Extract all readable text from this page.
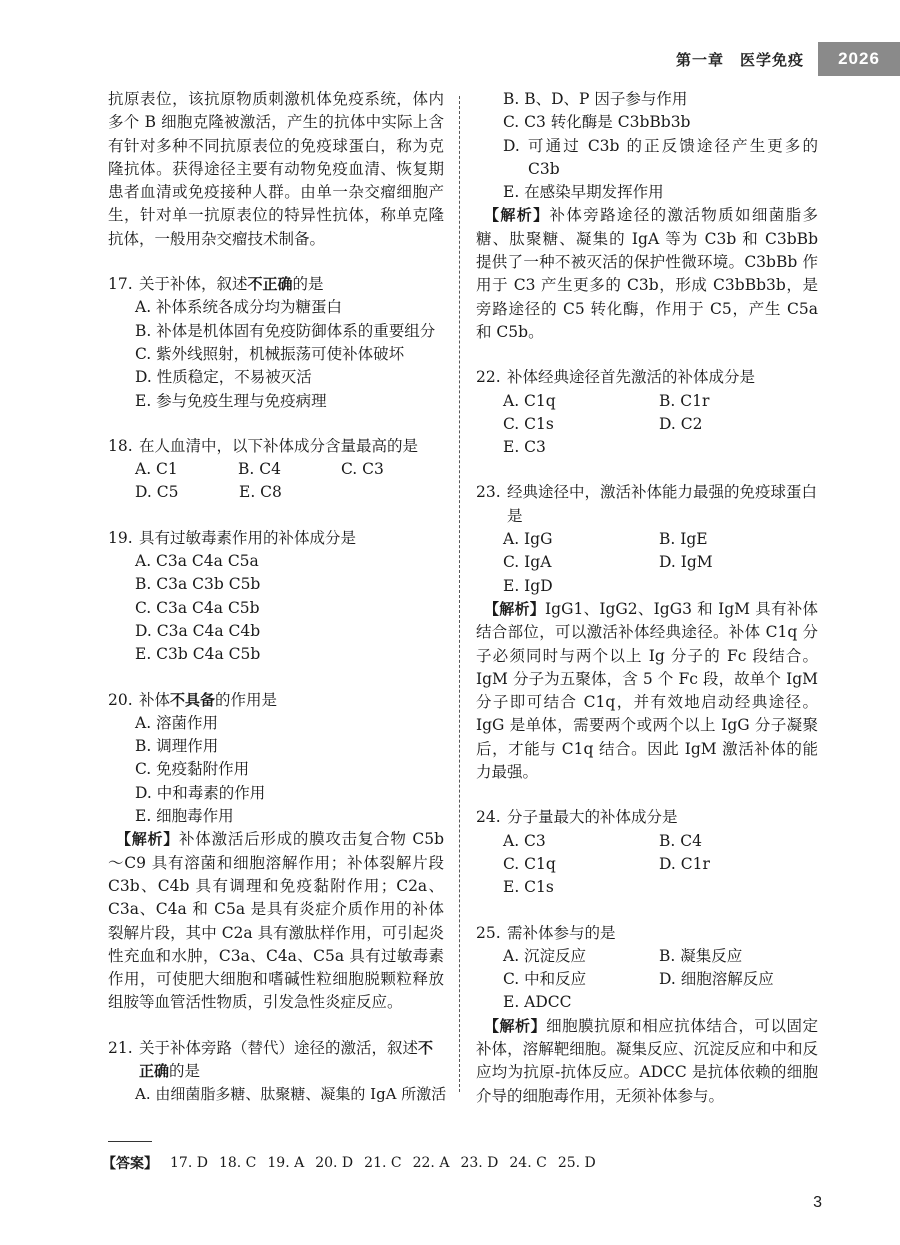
第一章　医学免疫	2026

抗原表位，该抗原物质刺激机体免疫系统，体内多个 B 细胞克隆被激活，产生的抗体中实际上含有针对多种不同抗原表位的免疫球蛋白，称为克隆抗体。获得途径主要有动物免疫血清、恢复期患者血清或免疫接种人群。由单一杂交瘤细胞产生，针对单一抗原表位的特异性抗体，称单克隆抗体，一般用杂交瘤技术制备。

17. 关于补体，叙述不正确的是

A. 补体系统各成分均为糖蛋白

B. 补体是机体固有免疫防御体系的重要组分

C. 紫外线照射，机械振荡可使补体破坏

D. 性质稳定，不易被灭活

E. 参与免疫生理与免疫病理

18. 在人血清中，以下补体成分含量最高的是

A. C1	B. C4	C. C3
D. C5	E. C8

19. 具有过敏毒素作用的补体成分是

A. C3a C4a C5a

B. C3a C3b C5b

C. C3a C4a C5b

D. C3a C4a C4b

E. C3b C4a C5b

20. 补体不具备的作用是

A. 溶菌作用

B. 调理作用

C. 免疫黏附作用

D. 中和毒素的作用

E. 细胞毒作用

【解析】补体激活后形成的膜攻击复合物 C5b～C9 具有溶菌和细胞溶解作用；补体裂解片段 C3b、C4b 具有调理和免疫黏附作用；C2a、C3a、C4a 和 C5a 是具有炎症介质作用的补体裂解片段，其中 C2a 具有激肽样作用，可引起炎性充血和水肿，C3a、C4a、C5a 具有过敏毒素作用，可使肥大细胞和嗜碱性粒细胞脱颗粒释放组胺等血管活性物质，引发急性炎症反应。

21. 关于补体旁路（替代）途径的激活，叙述不正确的是

A. 由细菌脂多糖、肽聚糖、凝集的 IgA 所激活

B. B、D、P 因子参与作用

C. C3 转化酶是 C3bBb3b

D. 可通过 C3b 的正反馈途径产生更多的 C3b

E. 在感染早期发挥作用

【解析】补体旁路途径的激活物质如细菌脂多糖、肽聚糖、凝集的 IgA 等为 C3b 和 C3bBb 提供了一种不被灭活的保护性微环境。C3bBb 作用于 C3 产生更多的 C3b，形成 C3bBb3b，是旁路途径的 C5 转化酶，作用于 C5，产生 C5a 和 C5b。

22. 补体经典途径首先激活的补体成分是

A. C1q	B. C1r
C. C1s	D. C2
E. C3

23. 经典途径中，激活补体能力最强的免疫球蛋白是

A. IgG	B. IgE
C. IgA	D. IgM
E. IgD

【解析】IgG1、IgG2、IgG3 和 IgM 具有补体结合部位，可以激活补体经典途径。补体 C1q 分子必须同时与两个以上 Ig 分子的 Fc 段结合。IgM 分子为五聚体，含 5 个 Fc 段，故单个 IgM 分子即可结合 C1q，并有效地启动经典途径。IgG 是单体，需要两个或两个以上 IgG 分子凝聚后，才能与 C1q 结合。因此 IgM 激活补体的能力最强。

24. 分子量最大的补体成分是

A. C3	B. C4
C. C1q	D. C1r
E. C1s

25. 需补体参与的是

A. 沉淀反应	B. 凝集反应
C. 中和反应	D. 细胞溶解反应
E. ADCC

【解析】细胞膜抗原和相应抗体结合，可以固定补体，溶解靶细胞。凝集反应、沉淀反应和中和反应均为抗原-抗体反应。ADCC 是抗体依赖的细胞介导的细胞毒作用，无须补体参与。

【答案】 17. D 18. C 19. A 20. D 21. C 22. A 23. D 24. C 25. D
3
